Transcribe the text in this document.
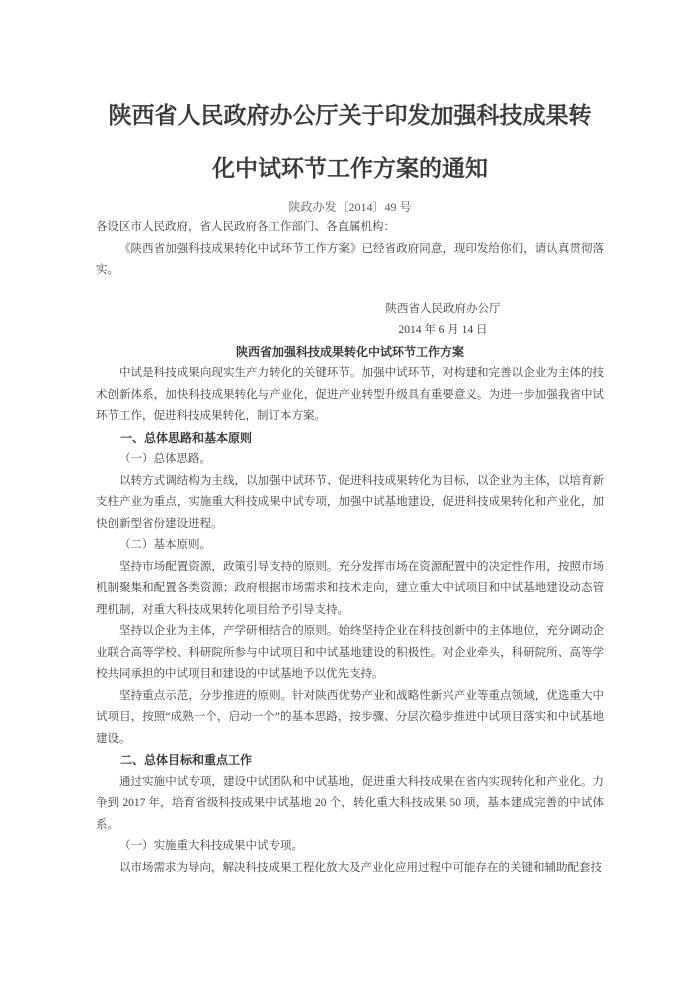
陕西省人民政府办公厅关于印发加强科技成果转化中试环节工作方案的通知
陕政办发〔2014〕49 号

各设区市人民政府，省人民政府各工作部门、各直属机构：

《陕西省加强科技成果转化中试环节工作方案》已经省政府同意，现印发给你们，请认真贯彻落实。

陕西省人民政府办公厅

2014 年 6 月 14 日

陕西省加强科技成果转化中试环节工作方案

中试是科技成果向现实生产力转化的关键环节。加强中试环节，对构建和完善以企业为主体的技术创新体系，加快科技成果转化与产业化，促进产业转型升级具有重要意义。为进一步加强我省中试环节工作，促进科技成果转化，制订本方案。

一、总体思路和基本原则

（一）总体思路。

以转方式调结构为主线，以加强中试环节、促进科技成果转化为目标，以企业为主体，以培育新支柱产业为重点，实施重大科技成果中试专项，加强中试基地建设，促进科技成果转化和产业化，加快创新型省份建设进程。

（二）基本原则。

坚持市场配置资源，政策引导支持的原则。充分发挥市场在资源配置中的决定性作用，按照市场机制聚集和配置各类资源；政府根据市场需求和技术走向，建立重大中试项目和中试基地建设动态管理机制，对重大科技成果转化项目给予引导支持。

坚持以企业为主体，产学研相结合的原则。始终坚持企业在科技创新中的主体地位，充分调动企业联合高等学校、科研院所参与中试项目和中试基地建设的积极性。对企业牵头，科研院所、高等学校共同承担的中试项目和建设的中试基地予以优先支持。

坚持重点示范，分步推进的原则。针对陕西优势产业和战略性新兴产业等重点领域，优选重大中试项目，按照“成熟一个，启动一个”的基本思路，按步骤、分层次稳步推进中试项目落实和中试基地建设。

二、总体目标和重点工作

通过实施中试专项，建设中试团队和中试基地，促进重大科技成果在省内实现转化和产业化。力争到 2017 年，培育省级科技成果中试基地 20 个，转化重大科技成果 50 项，基本建成完善的中试体系。

（一）实施重大科技成果中试专项。

以市场需求为导向，解决科技成果工程化放大及产业化应用过程中可能存在的关键和辅助配套技
